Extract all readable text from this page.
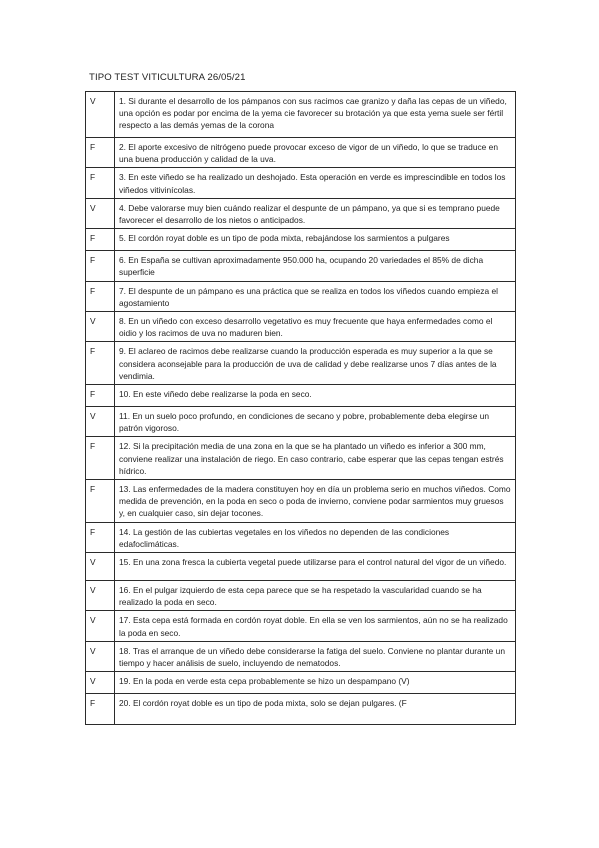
TIPO TEST VITICULTURA 26/05/21
V	1. Si durante el desarrollo de los pámpanos con sus racimos cae granizo y daña las cepas de un viñedo, una opción es podar por encima de la yema cie favorecer su brotación ya que esta yema suele ser fértil respecto a las demás yemas de la corona
F	2. El aporte excesivo de nitrógeno puede provocar exceso de vigor de un viñedo, lo que se traduce en una buena producción y calidad de la uva.
F	3. En este viñedo se ha realizado un deshojado. Esta operación en verde es imprescindible en todos los viñedos vitivinícolas.
V	4. Debe valorarse muy bien cuándo realizar el despunte de un pámpano, ya que si es temprano puede favorecer el desarrollo de los nietos o anticipados.
F	5. El cordón royat doble es un tipo de poda mixta, rebajándose los sarmientos a pulgares
F	6. En España se cultivan aproximadamente 950.000 ha, ocupando 20 variedades el 85% de dicha superficie
F	7. El despunte de un pámpano es una práctica que se realiza en todos los viñedos cuando empieza el agostamiento
V	8. En un viñedo con exceso desarrollo vegetativo es muy frecuente que haya enfermedades como el oidio y los racimos de uva no maduren bien.
F	9. El aclareo de racimos debe realizarse cuando la producción esperada es muy superior a la que se considera aconsejable para la producción de uva de calidad y debe realizarse unos 7 días antes de la vendimia.
F	10. En este viñedo debe realizarse la poda en seco.
V	11. En un suelo poco profundo, en condiciones de secano y pobre, probablemente deba elegirse un patrón vigoroso.
F	12. Si la precipitación media de una zona en la que se ha plantado un viñedo es inferior a 300 mm, conviene realizar una instalación de riego. En caso contrario, cabe esperar que las cepas tengan estrés hídrico.
F	13. Las enfermedades de la madera constituyen hoy en día un problema serio en muchos viñedos. Como medida de prevención, en la poda en seco o poda de invierno, conviene podar sarmientos muy gruesos y, en cualquier caso, sin dejar tocones.
F	14. La gestión de las cubiertas vegetales en los viñedos no dependen de las condiciones edafoclimáticas.
V	15. En una zona fresca la cubierta vegetal puede utilizarse para el control natural del vigor de un viñedo.
V	16. En el pulgar izquierdo de esta cepa parece que se ha respetado la vascularidad cuando se ha realizado la poda en seco.
V	17. Esta cepa está formada en cordón royat doble. En ella se ven los sarmientos, aún no se ha realizado la poda en seco.
V	18. Tras el arranque de un viñedo debe considerarse la fatiga del suelo. Conviene no plantar durante un tiempo y hacer análisis de suelo, incluyendo de nematodos.
V	19. En la poda en verde esta cepa probablemente se hizo un despampano (V)
F	20. El cordón royat doble es un tipo de poda mixta, solo se dejan pulgares. (F
